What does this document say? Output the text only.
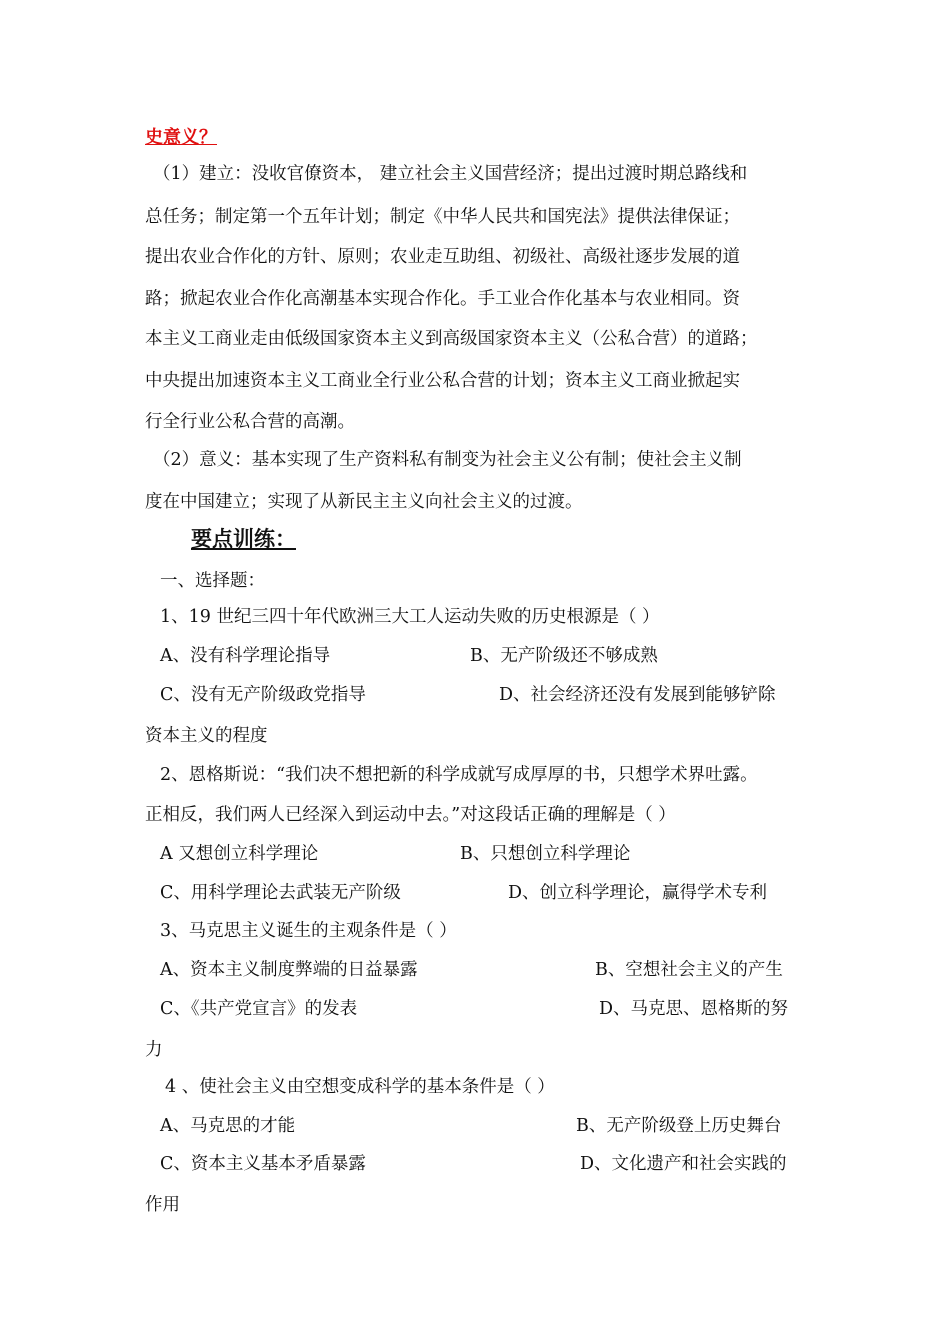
史意义？
（1）建立：没收官僚资本， 建立社会主义国营经济；提出过渡时期总路线和
总任务；制定第一个五年计划；制定《中华人民共和国宪法》提供法律保证；
提出农业合作化的方针、原则；农业走互助组、初级社、高级社逐步发展的道
路；掀起农业合作化高潮基本实现合作化。手工业合作化基本与农业相同。资
本主义工商业走由低级国家资本主义到高级国家资本主义（公私合营）的道路；
中央提出加速资本主义工商业全行业公私合营的计划；资本主义工商业掀起实
行全行业公私合营的高潮。
（2）意义：基本实现了生产资料私有制变为社会主义公有制；使社会主义制
度在中国建立；实现了从新民主主义向社会主义的过渡。
要点训练：
一、选择题：
1、19 世纪三四十年代欧洲三大工人运动失败的历史根源是（ ）
A、没有科学理论指导	B、无产阶级还不够成熟
C、没有无产阶级政党指导	D、社会经济还没有发展到能够铲除
资本主义的程度
2、恩格斯说：“我们决不想把新的科学成就写成厚厚的书，只想学术界吐露。
正相反，我们两人已经深入到运动中去。”对这段话正确的理解是（ ）
A 又想创立科学理论	B、只想创立科学理论
C、用科学理论去武装无产阶级	D、创立科学理论，赢得学术专利
3、马克思主义诞生的主观条件是（ ）
A、资本主义制度弊端的日益暴露	B、空想社会主义的产生
C、《共产党宣言》的发表	D、马克思、恩格斯的努
力
4 、使社会主义由空想变成科学的基本条件是（ ）
A、马克思的才能	B、无产阶级登上历史舞台
C、资本主义基本矛盾暴露	D、文化遗产和社会实践的
作用
